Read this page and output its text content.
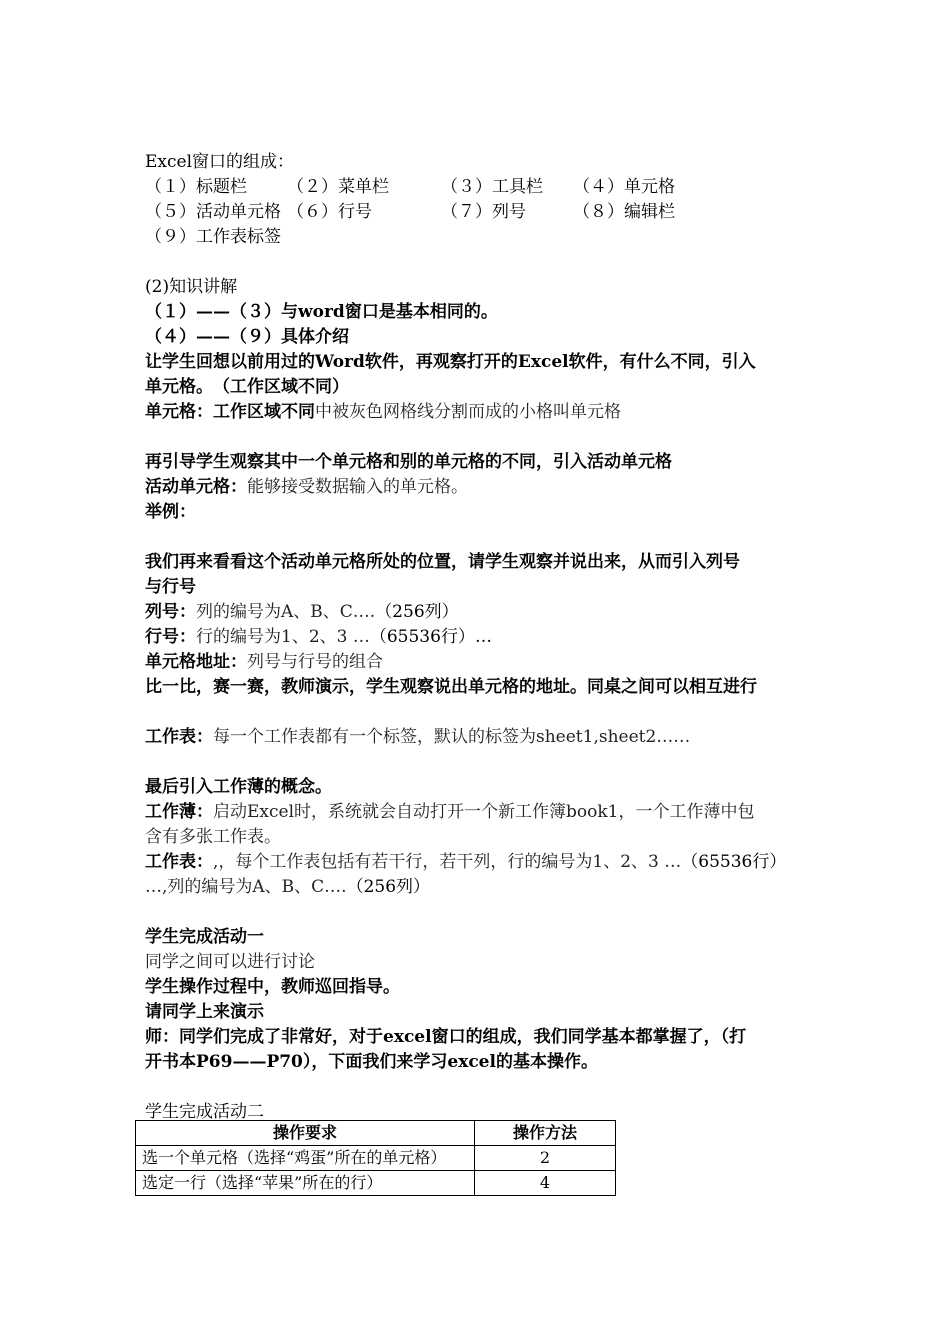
Excel窗口的组成：
（１）标题栏 （２）菜单栏	（３）工具栏 （４）单元格
（５）活动单元格 （６）行号	（７）列号	（８）编辑栏
（９）工作表标签
(2)知识讲解
（１）——（３）与word窗口是基本相同的。
（４）——（９）具体介绍
让学生回想以前用过的Word软件，再观察打开的Excel软件，有什么不同，引入
单元格。　（工作区域不同）
单元格：工作区域不同中被灰色网格线分割而成的小格叫单元格
再引导学生观察其中一个单元格和别的单元格的不同，引入活动单元格
活动单元格：能够接受数据输入的单元格。
举例：
我们再来看看这个活动单元格所处的位置，请学生观察并说出来，从而引入列号
与行号
列号：列的编号为A、B、C….（256列）
行号：行的编号为1、2、3 …（65536行）…
单元格地址：列号与行号的组合
比一比，赛一赛，教师演示，学生观察说出单元格的地址。同桌之间可以相互进行
工作表：每一个工作表都有一个标签，默认的标签为sheet1,sheet2……
最后引入工作薄的概念。
工作薄：启动Excel时，系统就会自动打开一个新工作簿book1，一个工作薄中包
含有多张工作表。
工作表：,，每个工作表包括有若干行，若干列，行的编号为1、2、3 …（65536行）
…,列的编号为A、B、C….（256列）
学生完成活动一
同学之间可以进行讨论
学生操作过程中，教师巡回指导。
请同学上来演示
师：同学们完成了非常好，对于excel窗口的组成，我们同学基本都掌握了，（打
开书本P69——P70），下面我们来学习excel的基本操作。
学生完成活动二
操作要求	操作方法
选一个单元格（选择“鸡蛋”所在的单元格）	2
选定一行（选择“苹果”所在的行）	4
